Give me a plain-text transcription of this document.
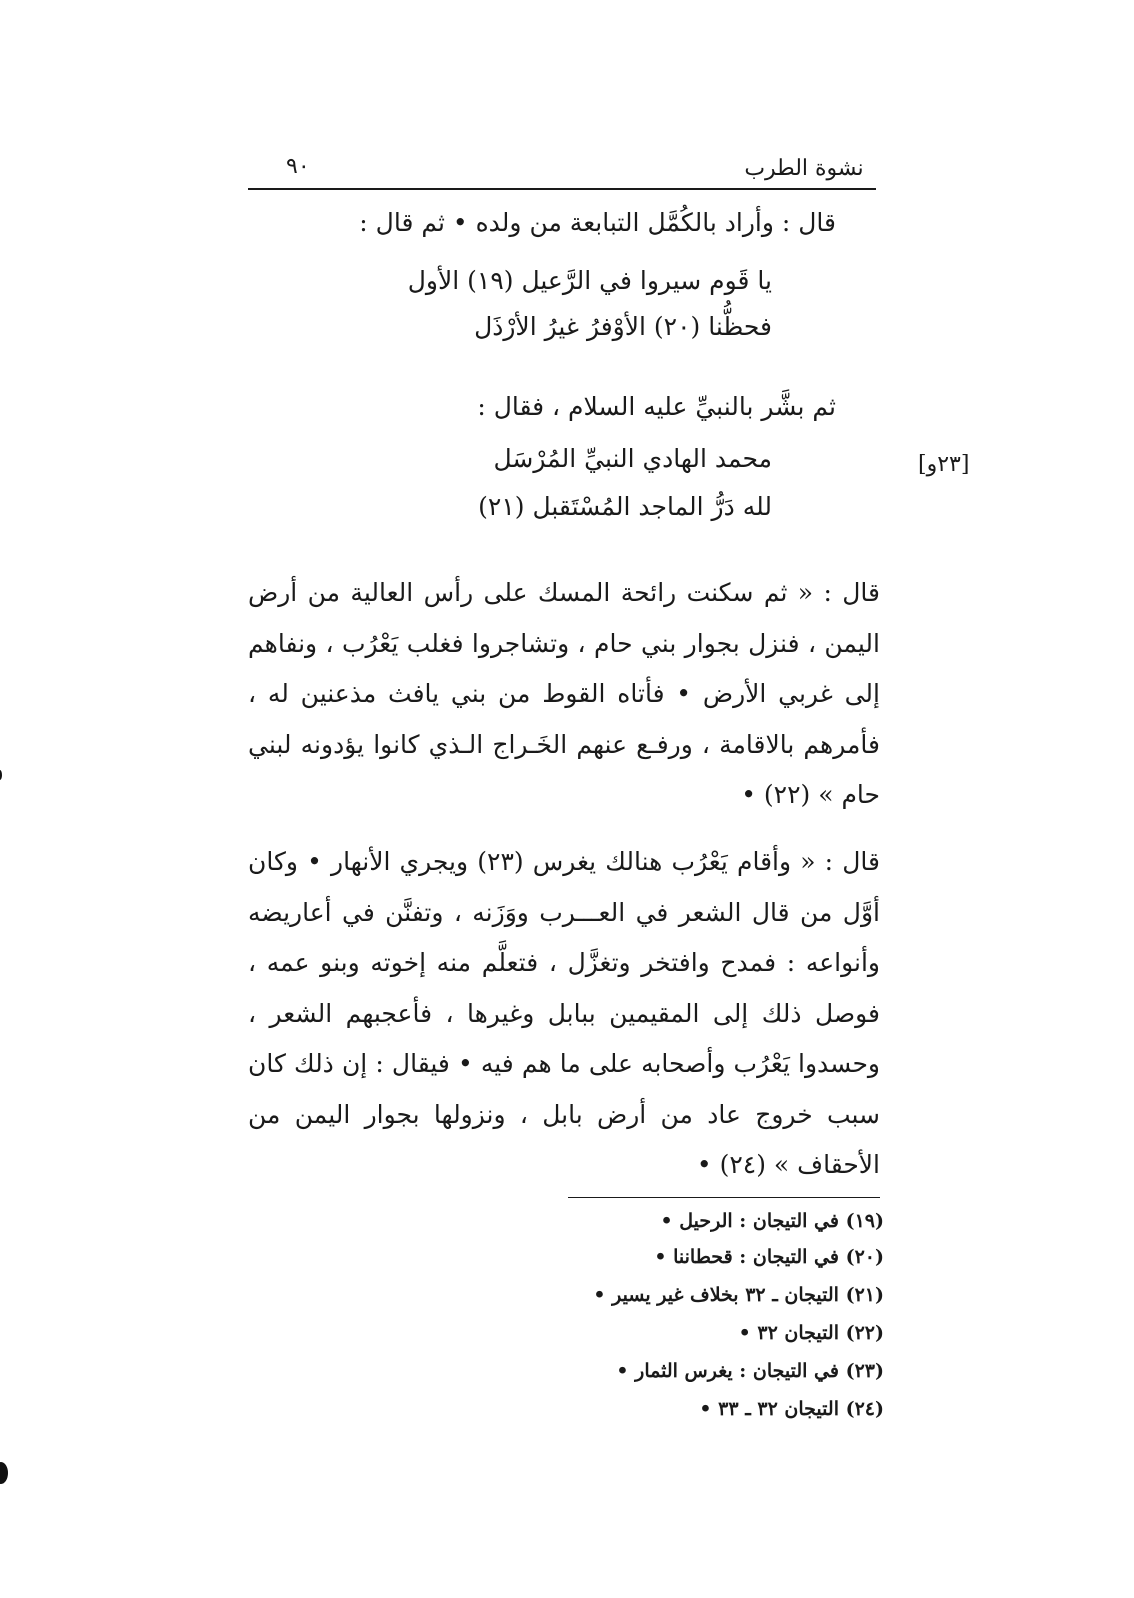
٩٠	نشوة الطرب
قال : وأراد بالكُمَّل التبابعة من ولده • ثم قال :
يا قَوم سيروا في الرَّعيل (١٩) الأول
فحظُّنا (٢٠) الأوْفرُ غيرُ الأرْذَل
ثم بشَّر بالنبيِّ عليه السلام ، فقال :
محمد الهادي النبيِّ المُرْسَل
لله دَرُّ الماجد المُسْتَقبل (٢١)
[٢٣و]
قال : « ثم سكنت رائحة المسك على رأس العالية من أرض اليمن ، فنزل بجوار بني حام ، وتشاجروا فغلب يَعْرُب ، ونفاهم إلى غربي الأرض • فأتاه القوط من بني يافث مذعنين له ، فأمرهم بالاقامة ، ورفـع عنهم الخَـراج الـذي كانوا يؤدونه لبني حام » (٢٢) •
قال : « وأقام يَعْرُب هنالك يغرس (٢٣) ويجري الأنهار • وكان أوَّل من قال الشعر في العـــرب ووَزَنه ، وتفنَّن في أعاريضه وأنواعه : فمدح وافتخر وتغزَّل ، فتعلَّم منه إخوته وبنو عمه ، فوصل ذلك إلى المقيمين ببابل وغيرها ، فأعجبهم الشعر ، وحسدوا يَعْرُب وأصحابه على ما هم فيه • فيقال : إن ذلك كان سبب خروج عاد من أرض بابل ، ونزولها بجوار اليمن من الأحقاف » (٢٤) •
(١٩) في التيجان : الرحيل •
(٢٠) في التيجان : قحطاننا •
(٢١) التيجان ـ ٣٢ بخلاف غير يسير •
(٢٢) التيجان ٣٢ •
(٢٣) في التيجان : يغرس الثمار •
(٢٤) التيجان ٣٢ ـ ٣٣ •
